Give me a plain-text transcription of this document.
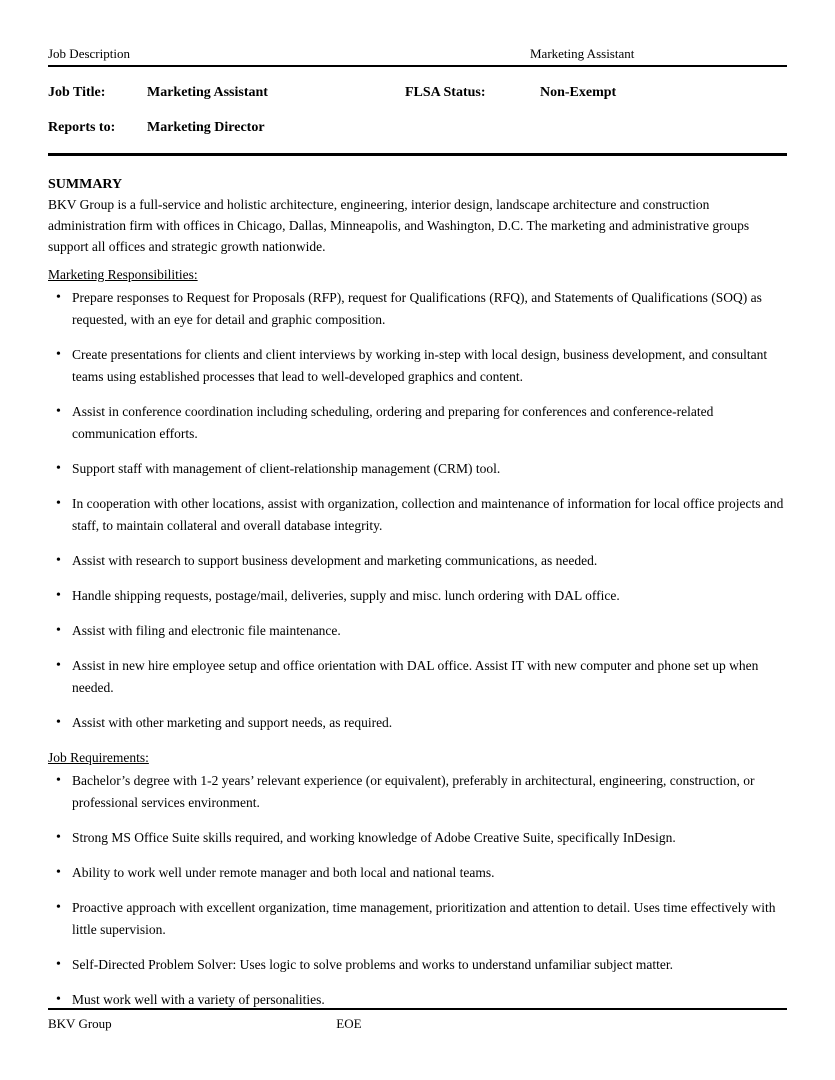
Job Description	Marketing Assistant
Job Title:	Marketing Assistant	FLSA Status:	Non-Exempt
Reports to:	Marketing Director
SUMMARY

BKV Group is a full-service and holistic architecture, engineering, interior design, landscape architecture and construction administration firm with offices in Chicago, Dallas, Minneapolis, and Washington, D.C. The marketing and administrative groups support all offices and strategic growth nationwide.

Marketing Responsibilities:
• Prepare responses to Request for Proposals (RFP), request for Qualifications (RFQ), and Statements of Qualifications (SOQ) as requested, with an eye for detail and graphic composition.
• Create presentations for clients and client interviews by working in-step with local design, business development, and consultant teams using established processes that lead to well-developed graphics and content.
• Assist in conference coordination including scheduling, ordering and preparing for conferences and conference-related communication efforts.
• Support staff with management of client-relationship management (CRM) tool.
• In cooperation with other locations, assist with organization, collection and maintenance of information for local office projects and staff, to maintain collateral and overall database integrity.
• Assist with research to support business development and marketing communications, as needed.
• Handle shipping requests, postage/mail, deliveries, supply and misc. lunch ordering with DAL office.
• Assist with filing and electronic file maintenance.
• Assist in new hire employee setup and office orientation with DAL office. Assist IT with new computer and phone set up when needed.
• Assist with other marketing and support needs, as required.
Job Requirements:
• Bachelor’s degree with 1-2 years’ relevant experience (or equivalent), preferably in architectural, engineering, construction, or professional services environment.
• Strong MS Office Suite skills required, and working knowledge of Adobe Creative Suite, specifically InDesign.
• Ability to work well under remote manager and both local and national teams.
• Proactive approach with excellent organization, time management, prioritization and attention to detail. Uses time effectively with little supervision.
• Self-Directed Problem Solver: Uses logic to solve problems and works to understand unfamiliar subject matter.
• Must work well with a variety of personalities.
BKV Group	EOE
